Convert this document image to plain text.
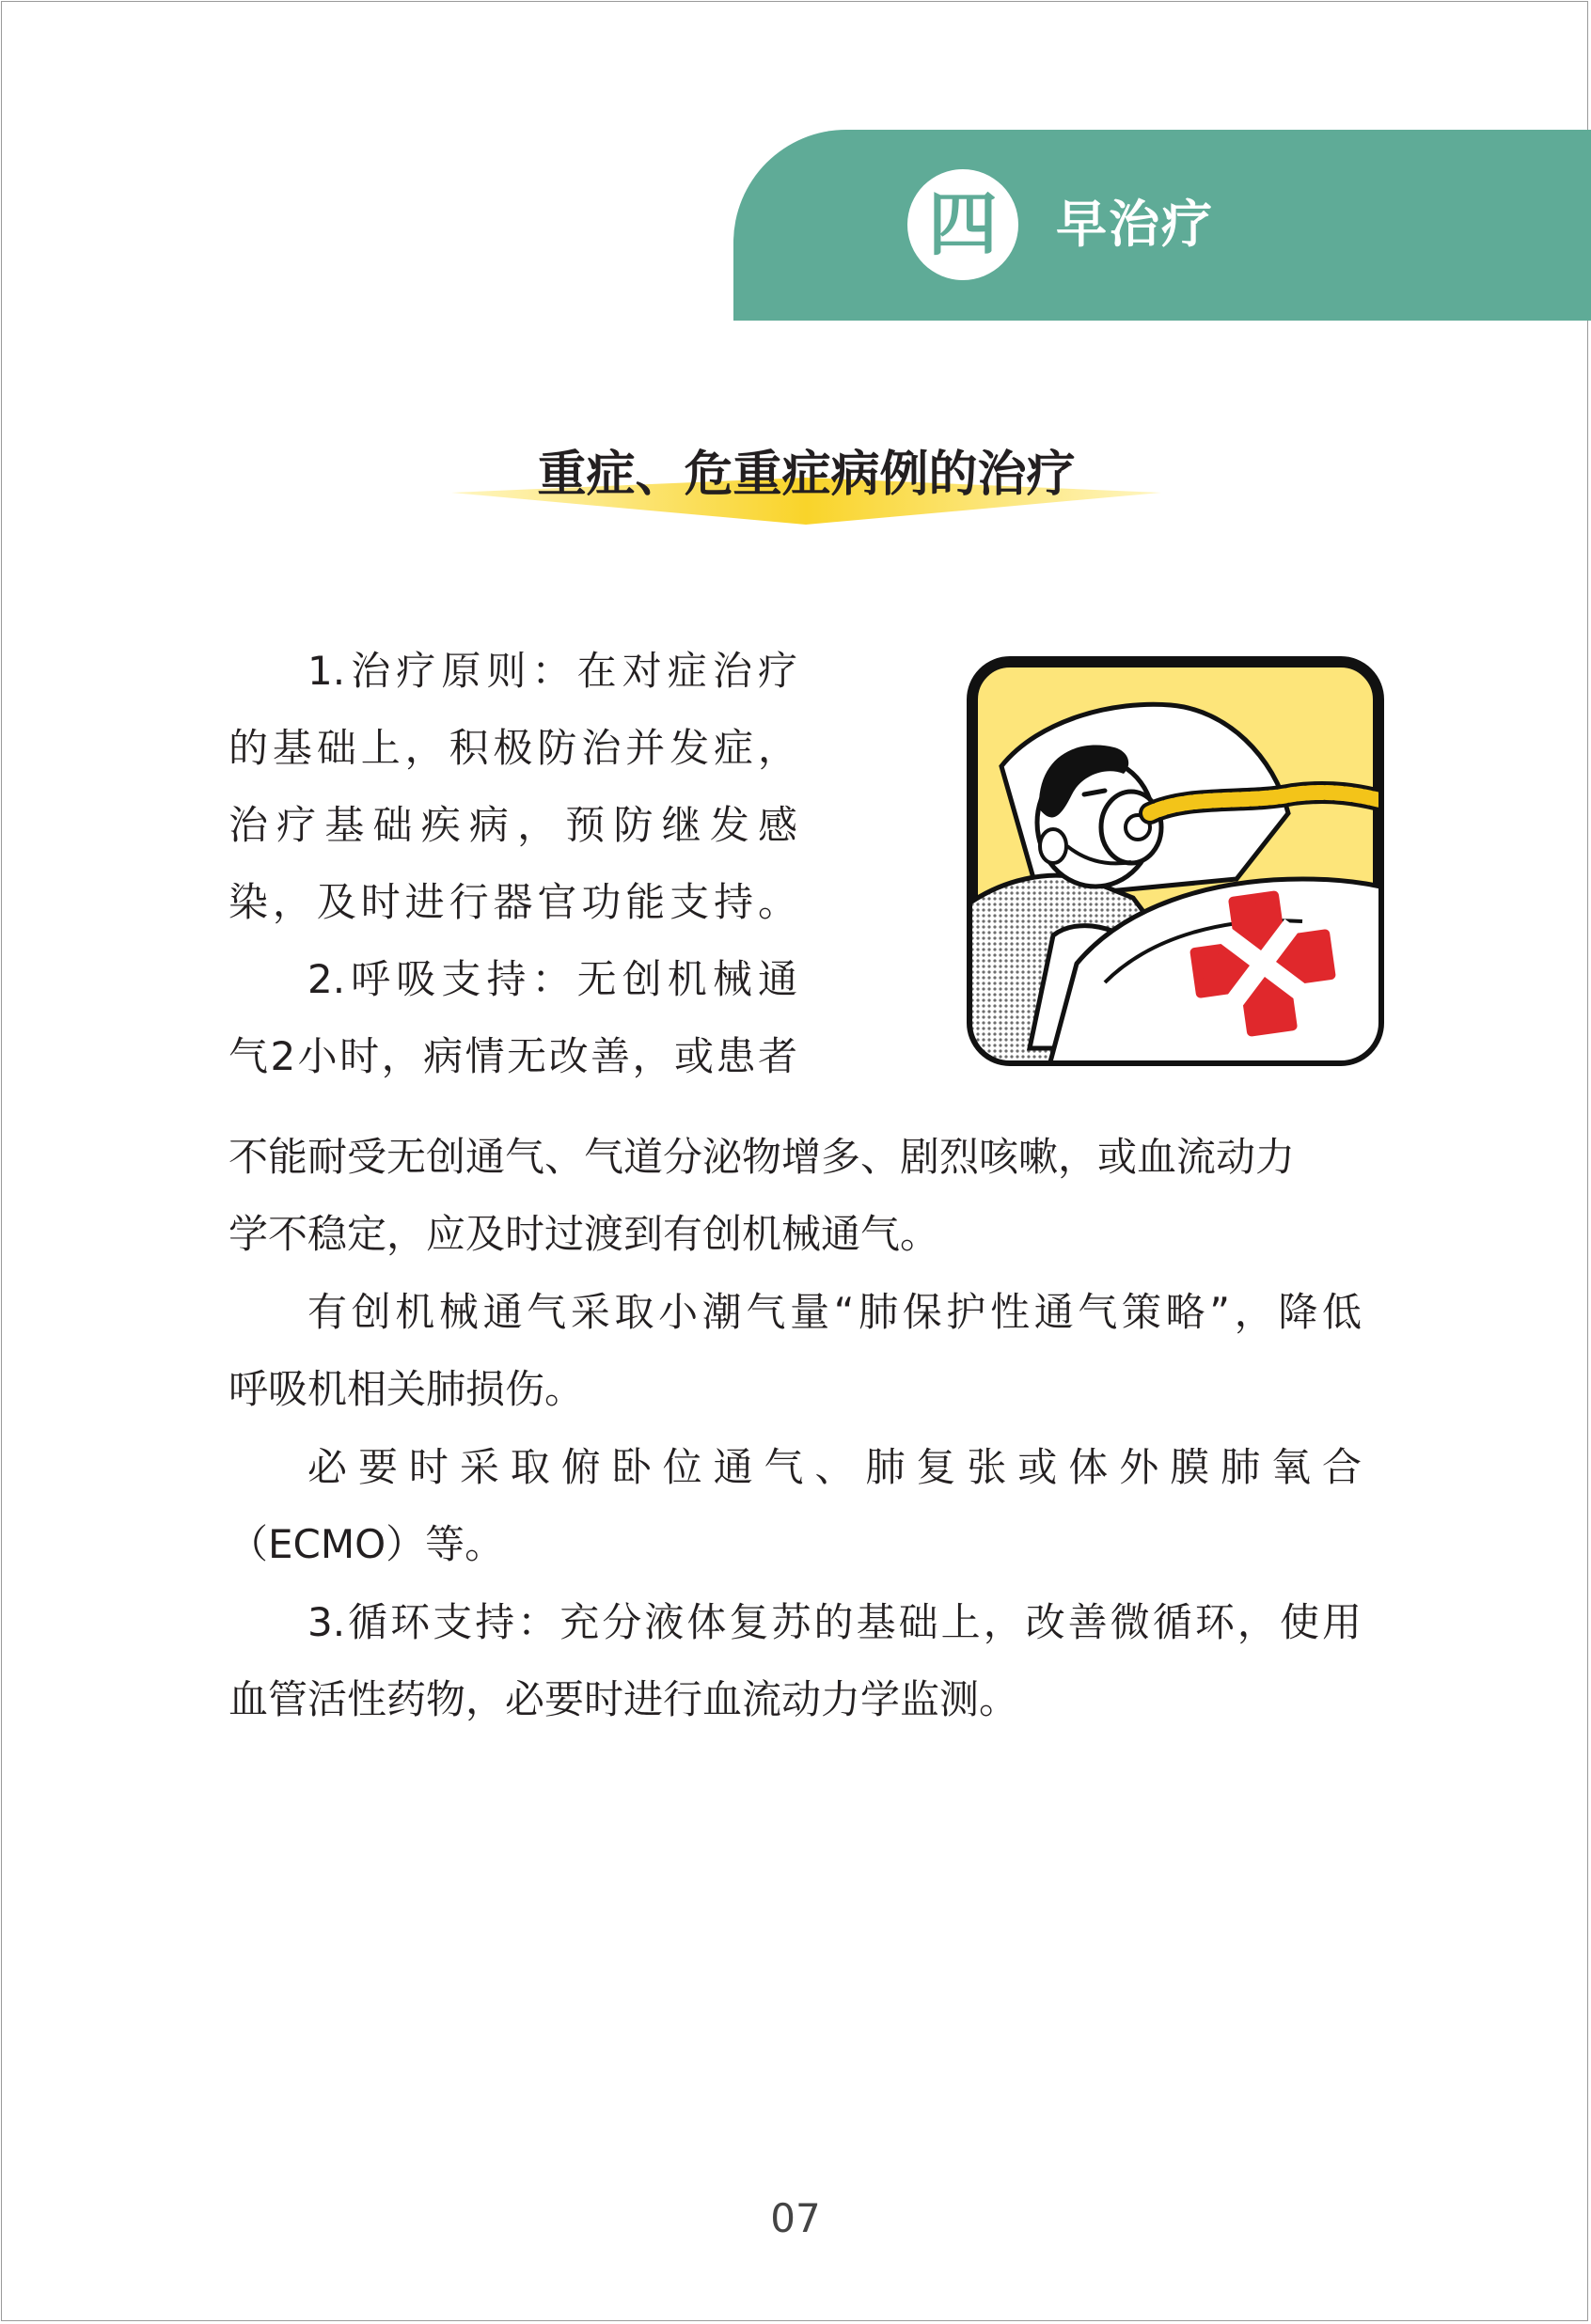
四 早治疗
重症、危重症病例的治疗
1.治疗原则：在对症治疗
的基础上，积极防治并发症，
治疗基础疾病，预防继发感
染，及时进行器官功能支持。
2.呼吸支持：无创机械通
气2小时，病情无改善，或患者
不能耐受无创通气、气道分泌物增多、剧烈咳嗽，或血流动力
学不稳定，应及时过渡到有创机械通气。
有创机械通气采取小潮气量“肺保护性通气策略”，降低
呼吸机相关肺损伤。
必要时采取俯卧位通气、肺复张或体外膜肺氧合
（ECMO）等。
3.循环支持：充分液体复苏的基础上，改善微循环，使用
血管活性药物，必要时进行血流动力学监测。
07
